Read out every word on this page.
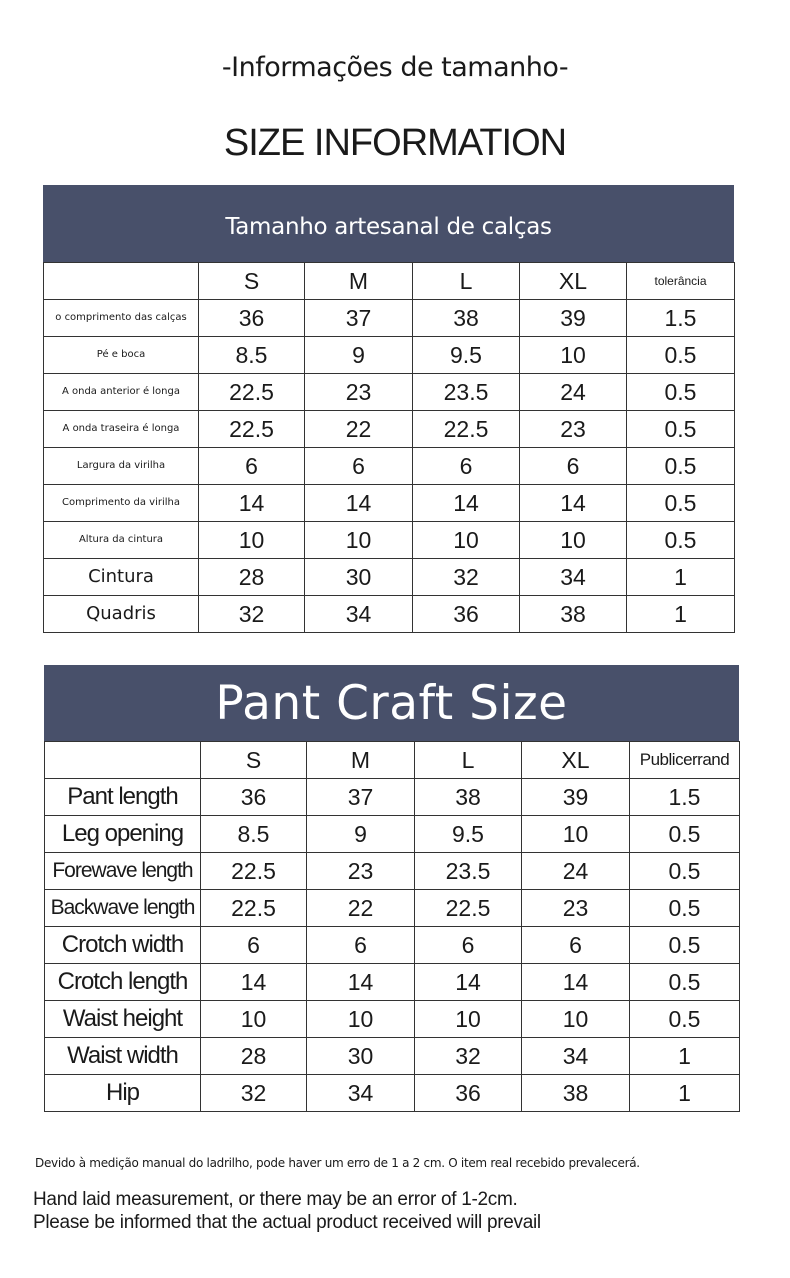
-Informações de tamanho-
SIZE INFORMATION
Tamanho artesanal de calças
	S	M	L	XL	tolerância
o comprimento das calças	36	37	38	39	1.5
Pé e boca	8.5	9	9.5	10	0.5
A onda anterior é longa	22.5	23	23.5	24	0.5
A onda traseira é longa	22.5	22	22.5	23	0.5
Largura da virilha	6	6	6	6	0.5
Comprimento da virilha	14	14	14	14	0.5
Altura da cintura	10	10	10	10	0.5
Cintura	28	30	32	34	1
Quadris	32	34	36	38	1
Pant Craft Size
	S	M	L	XL	Publicerrand
Pant length	36	37	38	39	1.5
Leg opening	8.5	9	9.5	10	0.5
Forewave length	22.5	23	23.5	24	0.5
Backwave length	22.5	22	22.5	23	0.5
Crotch width	6	6	6	6	0.5
Crotch length	14	14	14	14	0.5
Waist height	10	10	10	10	0.5
Waist width	28	30	32	34	1
Hip	32	34	36	38	1
Devido à medição manual do ladrilho, pode haver um erro de 1 a 2 cm. O item real recebido prevalecerá.
Hand laid measurement, or there may be an error of 1-2cm.
Please be informed that the actual product received will prevail
